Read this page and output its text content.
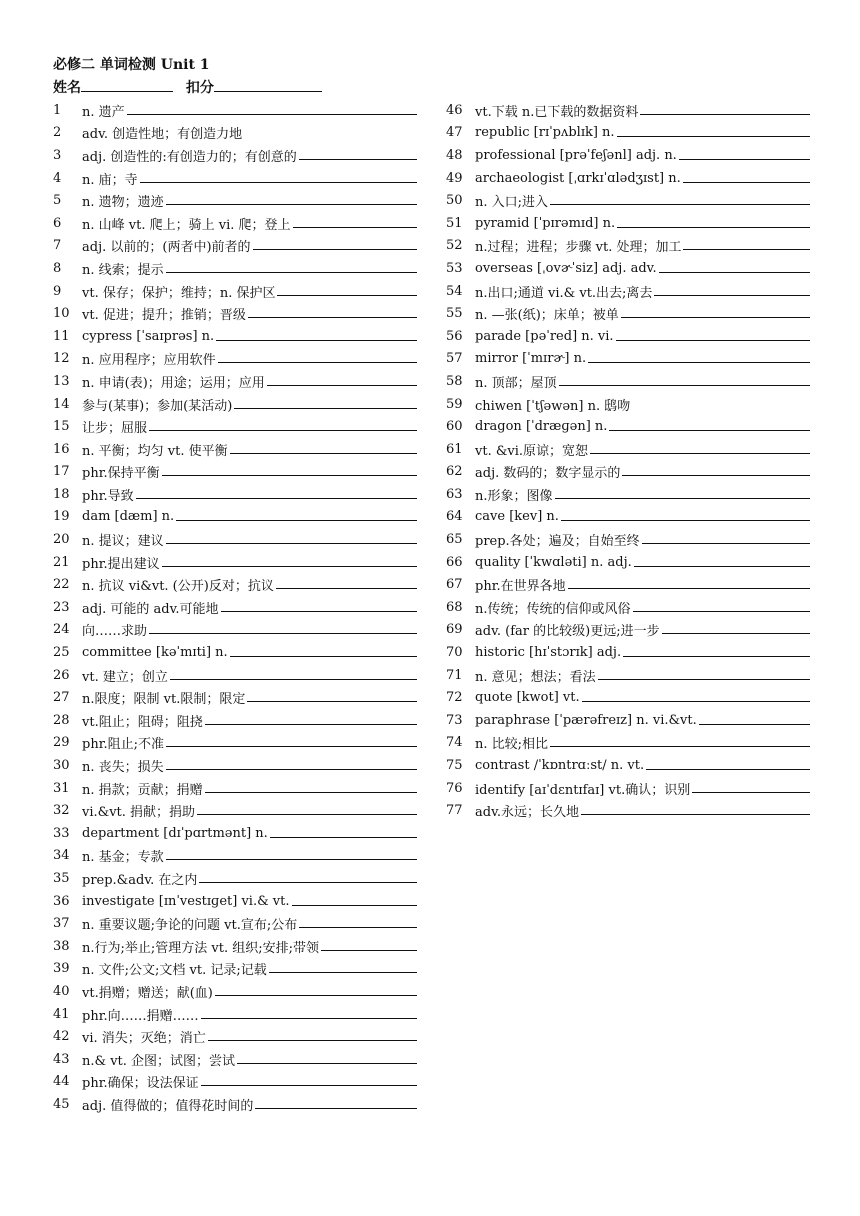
必修二 单词检测 Unit 1
姓名	扣分
1	n. 遗产
2	adv. 创造性地；有创造力地
3	adj. 创造性的:有创造力的；有创意的
4	n. 庙；寺
5	n. 遗物；遗迹
6	n. 山峰 vt. 爬上；骑上 vi. 爬；登上
7	adj. 以前的；(两者中)前者的
8	n. 线索；提示
9	vt. 保存；保护；维持；n. 保护区
10 vt. 促进；提升；推销；晋级
11 cypress [ˈsaɪprəs] n.
12 n. 应用程序；应用软件
13 n. 申请(表)；用途；运用；应用
14 参与(某事)；参加(某活动)
15 让步；屈服
16 n. 平衡；均匀 vt. 使平衡
17 phr.保持平衡
18 phr.导致
19 dam [dæm] n.
20 n. 提议；建议
21 phr.提出建议
22 n. 抗议 vi&vt. (公开)反对；抗议
23 adj. 可能的 adv.可能地
24 向……求助
25 committee [kəˈmɪti] n.
26 vt. 建立；创立
27 n.限度；限制 vt.限制；限定
28 vt.阻止；阻碍；阻挠
29 phr.阻止;不准
30 n. 丧失；损失
31 n. 捐款；贡献；捐赠
32 vi.&vt. 捐献；捐助
33 department [dɪˈpɑrtmənt] n.
34 n. 基金；专款
35 prep.&adv. 在之内
36 investigate [ɪnˈvestɪɡet] vi.& vt.
37 n. 重要议题;争论的问题 vt.宣布;公布
38 n.行为;举止;管理方法 vt. 组织;安排;带领
39 n. 文件;公文;文档 vt. 记录;记载
40 vt.捐赠；赠送；献(血)
41 phr.向……捐赠……
42 vi. 消失；灭绝；消亡
43 n.& vt. 企图；试图；尝试
44 phr.确保；设法保证
45 adj. 值得做的；值得花时间的
46 vt.下载 n.已下载的数据资料
47 republic [rɪˈpʌblɪk] n.
48 professional [prəˈfeʃənl] adj. n.
49 archaeologist [ˌɑrkɪˈɑlədʒɪst] n.
50 n. 入口;进入
51 pyramid [ˈpɪrəmɪd] n.
52 n.过程；进程；步骤 vt. 处理；加工
53 overseas [ˌovɚˈsiz] adj. adv.
54 n.出口;通道 vi.& vt.出去;离去
55 n. —张(纸)；床单；被单
56 parade [pəˈred] n. vi.
57 mirror [ˈmɪrɚ] n.
58 n. 顶部；屋顶
59 chiwen [ˈtʃəwən] n. 鸱吻
60 dragon [ˈdræɡən] n.
61 vt. &vi.原谅；宽恕
62 adj. 数码的；数字显示的
63 n.形象；图像
64 cave [kev] n.
65 prep.各处；遍及；自始至终
66 quality [ˈkwɑləti] n. adj.
67 phr.在世界各地
68 n.传统；传统的信仰或风俗
69 adv. (far 的比较级)更远;进一步
70 historic [hɪˈstɔrɪk] adj.
71 n. 意见；想法；看法
72 quote [kwot] vt.
73 paraphrase [ˈpærəfreɪz] n. vi.&vt.
74 n. 比较;相比
75 contrast /ˈkɒntrɑːst/ n. vt.
76 identify [aɪˈdɛntɪfaɪ] vt.确认；识别
77 adv.永远；长久地
